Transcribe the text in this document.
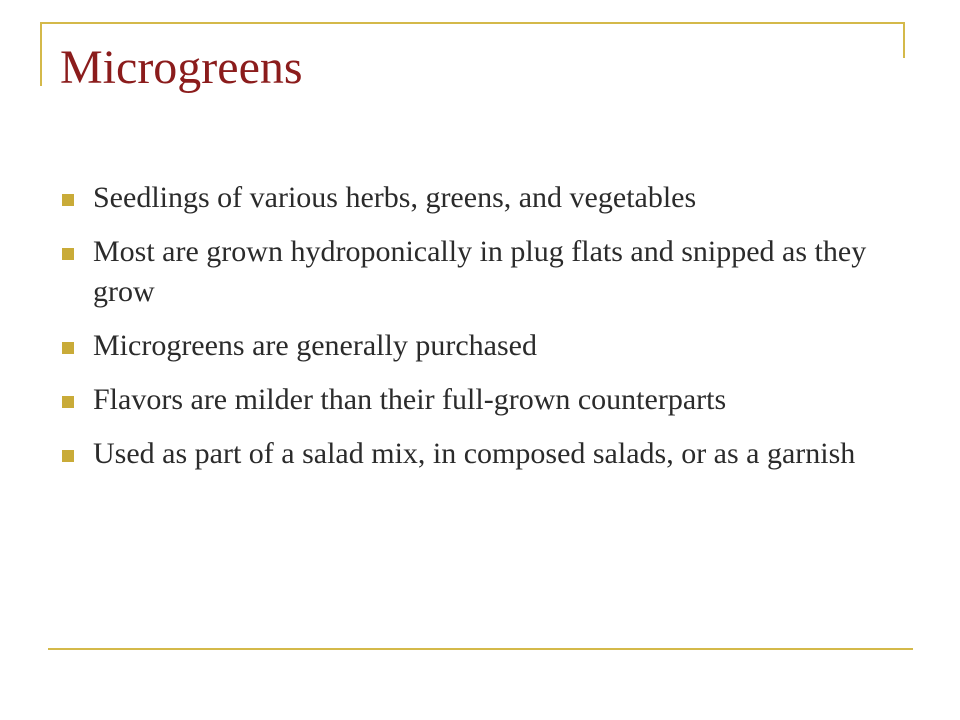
Microgreens
Seedlings of various herbs, greens, and vegetables
Most are grown hydroponically in plug flats and snipped as they grow
Microgreens are generally purchased
Flavors are milder than their full-grown counterparts
Used as part of a salad mix, in composed salads, or as a garnish
